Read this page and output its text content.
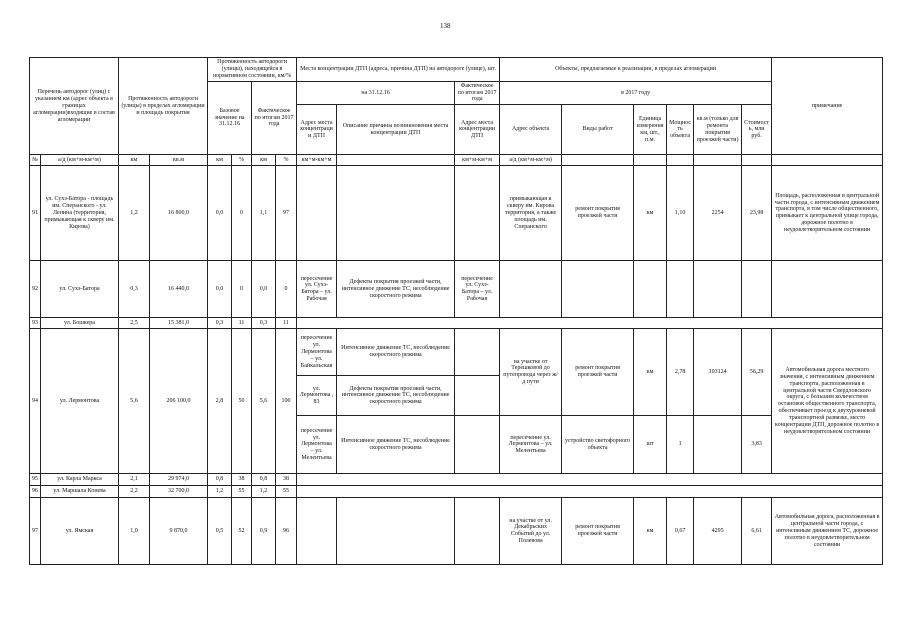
138
Перечень автодорог (улиц) с указанием км (адрес объекта в границах агломерации)входящие в состав агломерации		Протяженность автодороги (улицы) в пределах агломерации и площадь покрытия		Протяженность автодороги (улицы), находящейся в нормативном состоянии, км/%				Места концентрации ДТП (адреса, причина ДТП) на автодороге (улице), шт.			Объекты, предлагаемые к реализации, в пределах агломерации						примечание
				Базовое значение на 31.12.16		Фактическое по итогам 2017 года		на 31.12.16		Фактическое по итогам 2017 года	в 2017 году						
								Адрес места концентрации ДТП	Описание причины возникновения места концентрации ДТП	Адрес места концентрации ДТП	Адрес объекта	Виды работ	Единица измерения км, шт., п.м.	Мощность объекта	кв.м (только для ремонта покрытия проезжей части)	Стоимость, млн руб.	
№	а/д (км+м-км+м)	км	кв.м	км	%	км	%	км+м-км+м		км+м-км+м	а/д (км+м-км+м)						
91	ул. Сухэ-Батора - площадь им. Сперанского - ул. Ленина (территория, примыкающая к скверу им. Кирова)	1,2	16 800,0	0,0	0	1,1	97				примыкающая к скверу им. Кирова территория, а также площадь им. Сперанского	ремонт покрытия проезжей части	км	1,10	2254	23,98	Площадь, расположенная в центральной части города, с интенсивным движением транспорта, в том числе общественного, примыкает к центральной улице города, дорожное полотно в неудовлетворительном состоянии
92	ул. Сухэ-Батора	0,3	16 440,0	0,0	0	0,0	0	пересечение ул. Сухэ-Батора – ул. Рабочая	Дефекты покрытия проезжей части, интенсивное движение ТС, несоблюдение скоростного режима	пересечение ул. Сухэ-Батора – ул. Рабочая							
93	ул. Бошкера	2,5	15 381,0	0,3	11	0,3	11										
94	ул. Лермонтова	5,6	206 100,0	2,8	50	5,6	100	пересечение ул. Лермонтова – ул. Байкальская	Интенсивное движение ТС, несоблюдение скоростного режима		на участке от Терешковой до путепровода через ж/д пути	ремонт покрытия проезжей части	км	2,78	103124	56,29	Автомобильная дорога местного значения, с интенсивным движением транспорта, расположенная в центральной части Свердловского округа, с большим количеством остановок общественного транспорта, обеспечивает проезд к двухуровневой транспортной развязке, место концентрации ДТП, дорожное полотно в неудовлетворительном состоянии
								ул. Лермонтова , 83	Дефекты покрытия проезжей части, интенсивное движение ТС, несоблюдение скоростного режима								
								пересечение ул. Лермонтова – ул. Мелентьева	Интенсивное движение ТС, несоблюдение скоростного режима		пересечение ул. Лермонтова – ул. Мелентьева	устройство светофорного объекта	шт	1		3,83	
95	ул. Карла Маркса	2,1	29 974,0	0,8	38	0,8	38										
96	ул. Маршала Конева	2,2	32 700,0	1,2	55	1,2	55										
97	ул. Ямская	1,0	9 870,0	0,5	52	0,9	96				на участке от ул. Декабрьских Событий до ул. Полевова	ремонт покрытия проезжей части	км	0,67	4295	6,61	Автомобильная дорога, расположенная в центральной части города, с интенсивным движением ТС, дорожное полотно в неудовлетворительном состоянии
